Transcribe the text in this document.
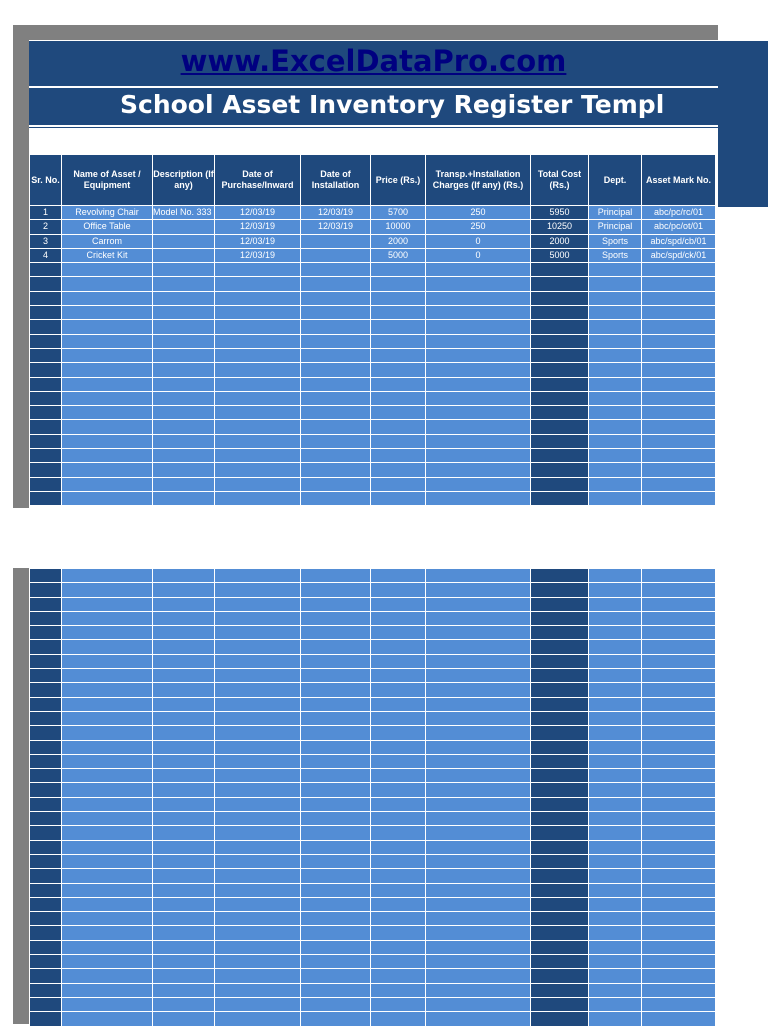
www.ExcelDataPro.com
School Asset Inventory Register Templ
Sr. No.	Name of Asset / Equipment	Description (If any)	Date of Purchase/Inward	Date of Installation	Price (Rs.)	Transp.+Installation Charges (If any) (Rs.)	Total Cost (Rs.)	Dept.	Asset Mark No.
1	Revolving Chair	Model No. 333	12/03/19	12/03/19	5700	250	5950	Principal	abc/pc/rc/01
2	Office Table		12/03/19	12/03/19	10000	250	10250	Principal	abc/pc/ot/01
3	Carrom		12/03/19		2000	0	2000	Sports	abc/spd/cb/01
4	Cricket Kit		12/03/19		5000	0	5000	Sports	abc/spd/ck/01
